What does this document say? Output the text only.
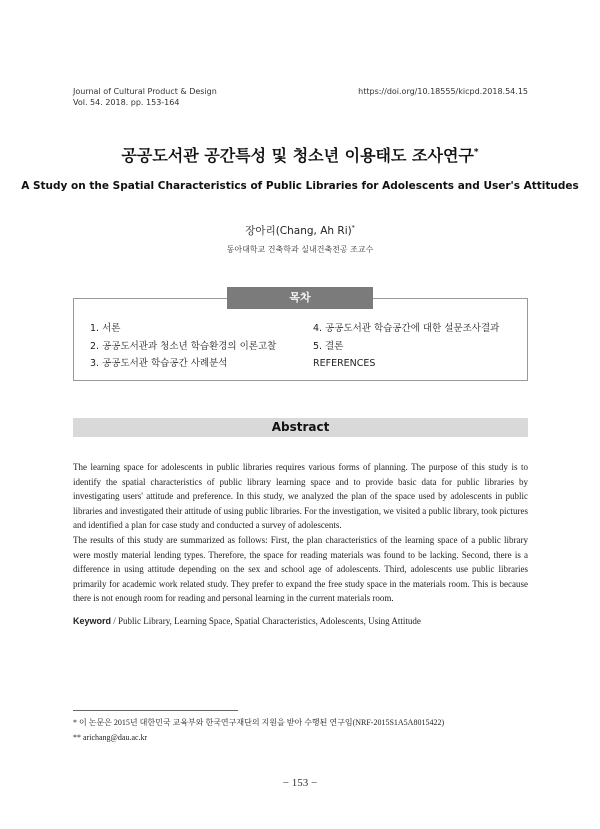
Journal of Cultural Product & Design
Vol. 54. 2018. pp. 153-164
https://doi.org/10.18555/kicpd.2018.54.15
공공도서관 공간특성 및 청소년 이용태도 조사연구*
A Study on the Spatial Characteristics of Public Libraries for Adolescents and User's Attitudes
장아리(Chang, Ah Ri)*
동아대학교 건축학과 실내건축전공 조교수
목차
1. 서론
2. 공공도서관과 청소년 학습환경의 이론고찰
3. 공공도서관 학습공간 사례분석
4. 공공도서관 학습공간에 대한 설문조사결과
5. 결론
REFERENCES
Abstract

The learning space for adolescents in public libraries requires various forms of planning. The purpose of this study is to identify the spatial characteristics of public library learning space and to provide basic data for public libraries by investigating users' attitude and preference. In this study, we analyzed the plan of the space used by adolescents in public libraries and investigated their attitude of using public libraries. For the investigation, we visited a public library, took pictures and identified a plan for case study and conducted a survey of adolescents.

The results of this study are summarized as follows: First, the plan characteristics of the learning space of a public library were mostly material lending types. Therefore, the space for reading materials was found to be lacking. Second, there is a difference in using attitude depending on the sex and school age of adolescents. Third, adolescents use public libraries primarily for academic work related study. They prefer to expand the free study space in the materials room. This is because there is not enough room for reading and personal learning in the current materials room.

Keyword / Public Library, Learning Space, Spatial Characteristics, Adolescents, Using Attitude
* 이 논문은 2015년 대한민국 교육부와 한국연구재단의 지원을 받아 수행된 연구임(NRF-2015S1A5A8015422)
** arichang@dau.ac.kr
− 153 −
